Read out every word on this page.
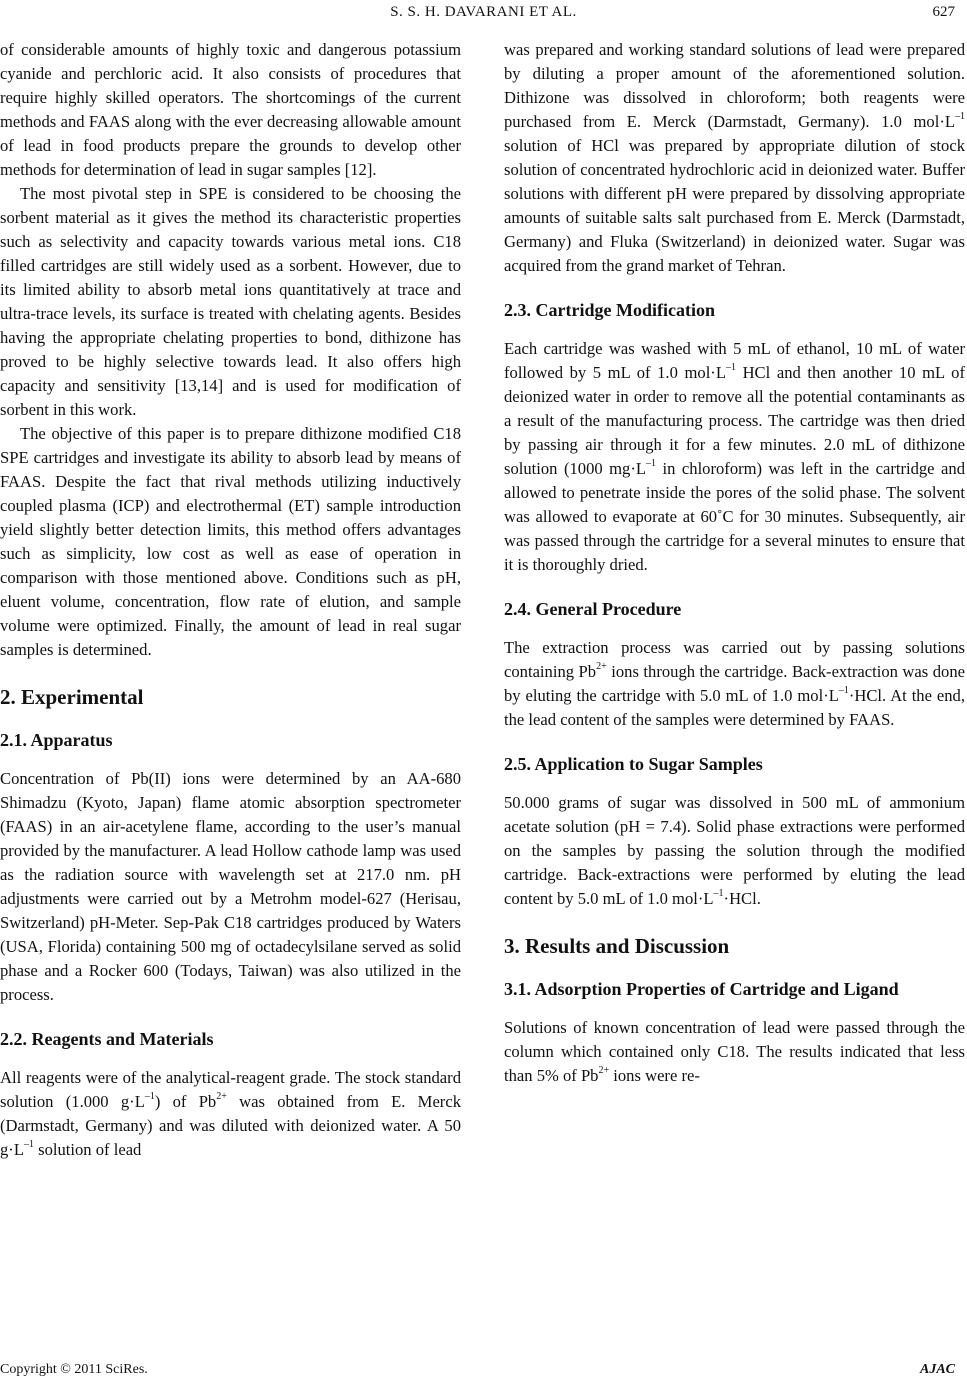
S. S. H. DAVARANI ET AL.	627

of considerable amounts of highly toxic and dangerous potassium cyanide and perchloric acid. It also consists of procedures that require highly skilled operators. The shortcomings of the current methods and FAAS along with the ever decreasing allowable amount of lead in food products prepare the grounds to develop other methods for determination of lead in sugar samples [12].

The most pivotal step in SPE is considered to be choosing the sorbent material as it gives the method its characteristic properties such as selectivity and capacity towards various metal ions. C18 filled cartridges are still widely used as a sorbent. However, due to its limited ability to absorb metal ions quantitatively at trace and ultra-trace levels, its surface is treated with chelating agents. Besides having the appropriate chelating properties to bond, dithizone has proved to be highly selective towards lead. It also offers high capacity and sensitivity [13,14] and is used for modification of sorbent in this work.

The objective of this paper is to prepare dithizone modified C18 SPE cartridges and investigate its ability to absorb lead by means of FAAS. Despite the fact that rival methods utilizing inductively coupled plasma (ICP) and electrothermal (ET) sample introduction yield slightly better detection limits, this method offers advantages such as simplicity, low cost as well as ease of operation in comparison with those mentioned above. Conditions such as pH, eluent volume, concentration, flow rate of elution, and sample volume were optimized. Finally, the amount of lead in real sugar samples is determined.

2. Experimental
2.1. Apparatus

Concentration of Pb(II) ions were determined by an AA-680 Shimadzu (Kyoto, Japan) flame atomic absorption spectrometer (FAAS) in an air-acetylene flame, according to the user’s manual provided by the manufacturer. A lead Hollow cathode lamp was used as the radiation source with wavelength set at 217.0 nm. pH adjustments were carried out by a Metrohm model-627 (Herisau, Switzerland) pH-Meter. Sep-Pak C18 cartridges produced by Waters (USA, Florida) containing 500 mg of octadecylsilane served as solid phase and a Rocker 600 (Todays, Taiwan) was also utilized in the process.

2.2. Reagents and Materials

All reagents were of the analytical-reagent grade. The stock standard solution (1.000 $g\cdot L^{-1}$) of $Pb^{2+}$ was obtained from E. Merck (Darmstadt, Germany) and was diluted with deionized water. A 50 $g\cdot L^{-1}$ solution of lead

was prepared and working standard solutions of lead were prepared by diluting a proper amount of the aforementioned solution. Dithizone was dissolved in chloroform; both reagents were purchased from E. Merck (Darmstadt, Germany). 1.0 $mol\cdot L^{-1}$ solution of HCl was prepared by appropriate dilution of stock solution of concentrated hydrochloric acid in deionized water. Buffer solutions with different pH were prepared by dissolving appropriate amounts of suitable salts salt purchased from E. Merck (Darmstadt, Germany) and Fluka (Switzerland) in deionized water. Sugar was acquired from the grand market of Tehran.

2.3. Cartridge Modification

Each cartridge was washed with 5 mL of ethanol, 10 mL of water followed by 5 mL of 1.0 $mol\cdot L^{-1}$ HCl and then another 10 mL of deionized water in order to remove all the potential contaminants as a result of the manufacturing process. The cartridge was then dried by passing air through it for a few minutes. 2.0 mL of dithizone solution (1000 $mg\cdot L^{-1}$ in chloroform) was left in the cartridge and allowed to penetrate inside the pores of the solid phase. The solvent was allowed to evaporate at 60˚C for 30 minutes. Subsequently, air was passed through the cartridge for a several minutes to ensure that it is thoroughly dried.

2.4. General Procedure

The extraction process was carried out by passing solutions containing $Pb^{2+}$ ions through the cartridge. Back-extraction was done by eluting the cartridge with 5.0 mL of 1.0 $mol\cdot L^{-1}\cdot HCl$. At the end, the lead content of the samples were determined by FAAS.

2.5. Application to Sugar Samples

50.000 grams of sugar was dissolved in 500 mL of ammonium acetate solution (pH = 7.4). Solid phase extractions were performed on the samples by passing the solution through the modified cartridge. Back-extractions were performed by eluting the lead content by 5.0 mL of 1.0 $mol\cdot L^{-1}\cdot HCl$.

3. Results and Discussion
3.1. Adsorption Properties of Cartridge and Ligand

Solutions of known concentration of lead were passed through the column which contained only C18. The results indicated that less than 5% of $Pb^{2+}$ ions were re-

Copyright © 2011 SciRes.	AJAC
